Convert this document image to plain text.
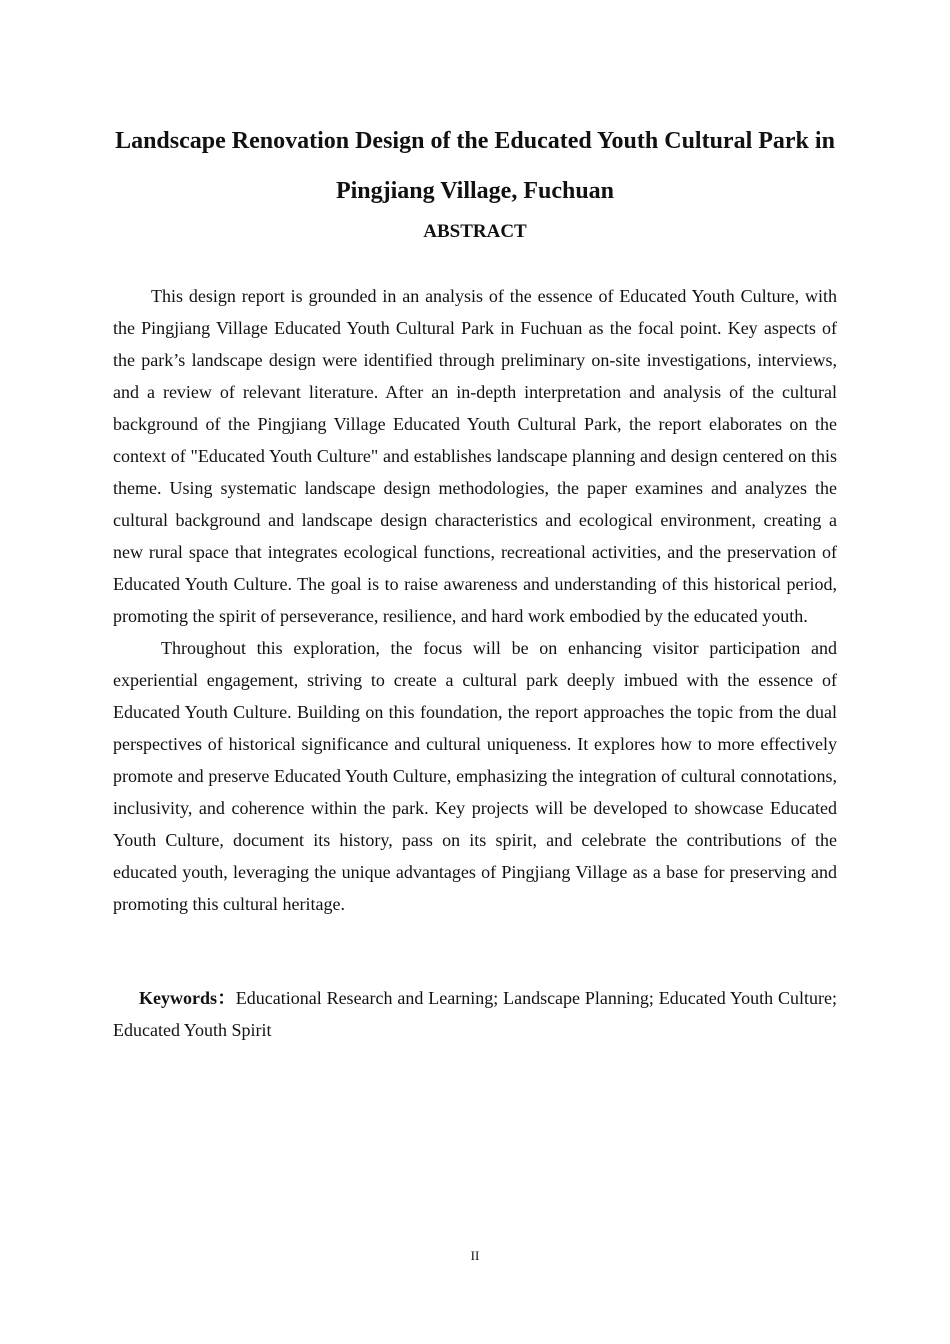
Landscape Renovation Design of the Educated Youth Cultural Park in Pingjiang Village, Fuchuan
ABSTRACT

This design report is grounded in an analysis of the essence of Educated Youth Culture, with the Pingjiang Village Educated Youth Cultural Park in Fuchuan as the focal point. Key aspects of the park’s landscape design were identified through preliminary on-site investigations, interviews, and a review of relevant literature. After an in-depth interpretation and analysis of the cultural background of the Pingjiang Village Educated Youth Cultural Park, the report elaborates on the context of "Educated Youth Culture" and establishes landscape planning and design centered on this theme. Using systematic landscape design methodologies, the paper examines and analyzes the cultural background and landscape design characteristics and ecological environment, creating a new rural space that integrates ecological functions, recreational activities, and the preservation of Educated Youth Culture. The goal is to raise awareness and understanding of this historical period, promoting the spirit of perseverance, resilience, and hard work embodied by the educated youth.

Throughout this exploration, the focus will be on enhancing visitor participation and experiential engagement, striving to create a cultural park deeply imbued with the essence of Educated Youth Culture. Building on this foundation, the report approaches the topic from the dual perspectives of historical significance and cultural uniqueness. It explores how to more effectively promote and preserve Educated Youth Culture, emphasizing the integration of cultural connotations, inclusivity, and coherence within the park. Key projects will be developed to showcase Educated Youth Culture, document its history, pass on its spirit, and celebrate the contributions of the educated youth, leveraging the unique advantages of Pingjiang Village as a base for preserving and promoting this cultural heritage.

Keywords：Educational Research and Learning; Landscape Planning; Educated Youth Culture; Educated Youth Spirit

II
